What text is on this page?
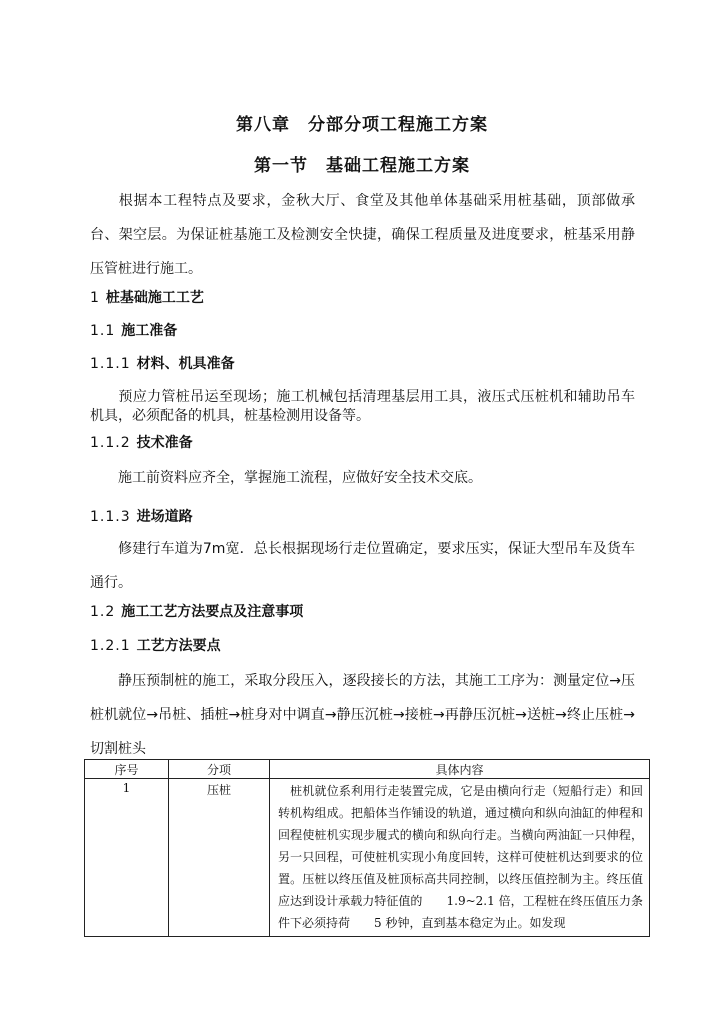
第八章　分部分项工程施工方案
第一节　基础工程施工方案
根据本工程特点及要求，金秋大厅、食堂及其他单体基础采用桩基础，顶部做承台、架空层。为保证桩基施工及检测安全快捷，确保工程质量及进度要求，桩基采用静压管桩进行施工。
1 桩基础施工工艺
1.1 施工准备
1.1.1 材料、机具准备
预应力管桩吊运至现场；施工机械包括清理基层用工具，液压式压桩机和辅助吊车机具，必须配备的机具，桩基检测用设备等。
1.1.2 技术准备
施工前资料应齐全，掌握施工流程，应做好安全技术交底。
1.1.3 进场道路
修建行车道为7m宽．总长根据现场行走位置确定，要求压实，保证大型吊车及货车通行。
1.2 施工工艺方法要点及注意事项
1.2.1 工艺方法要点
静压预制桩的施工，采取分段压入，逐段接长的方法，其施工工序为：测量定位→压桩机就位→吊桩、插桩→桩身对中调直→静压沉桩→接桩→再静压沉桩→送桩→终止压桩→切割桩头
序号	分项	具体内容
1	压桩	桩机就位系利用行走装置完成，它是由横向行走（短船行走）和回转机构组成。把船体当作铺设的轨道，通过横向和纵向油缸的伸程和回程使桩机实现步履式的横向和纵向行走。当横向两油缸一只伸程，另一只回程，可使桩机实现小角度回转，这样可使桩机达到要求的位置。压桩以终压值及桩顶标高共同控制，以终压值控制为主。终压值应达到设计承载力特征值的　　1.9~2.1 倍，工程桩在终压值压力条件下必须持荷　　5 秒钟，直到基本稳定为止。如发现
